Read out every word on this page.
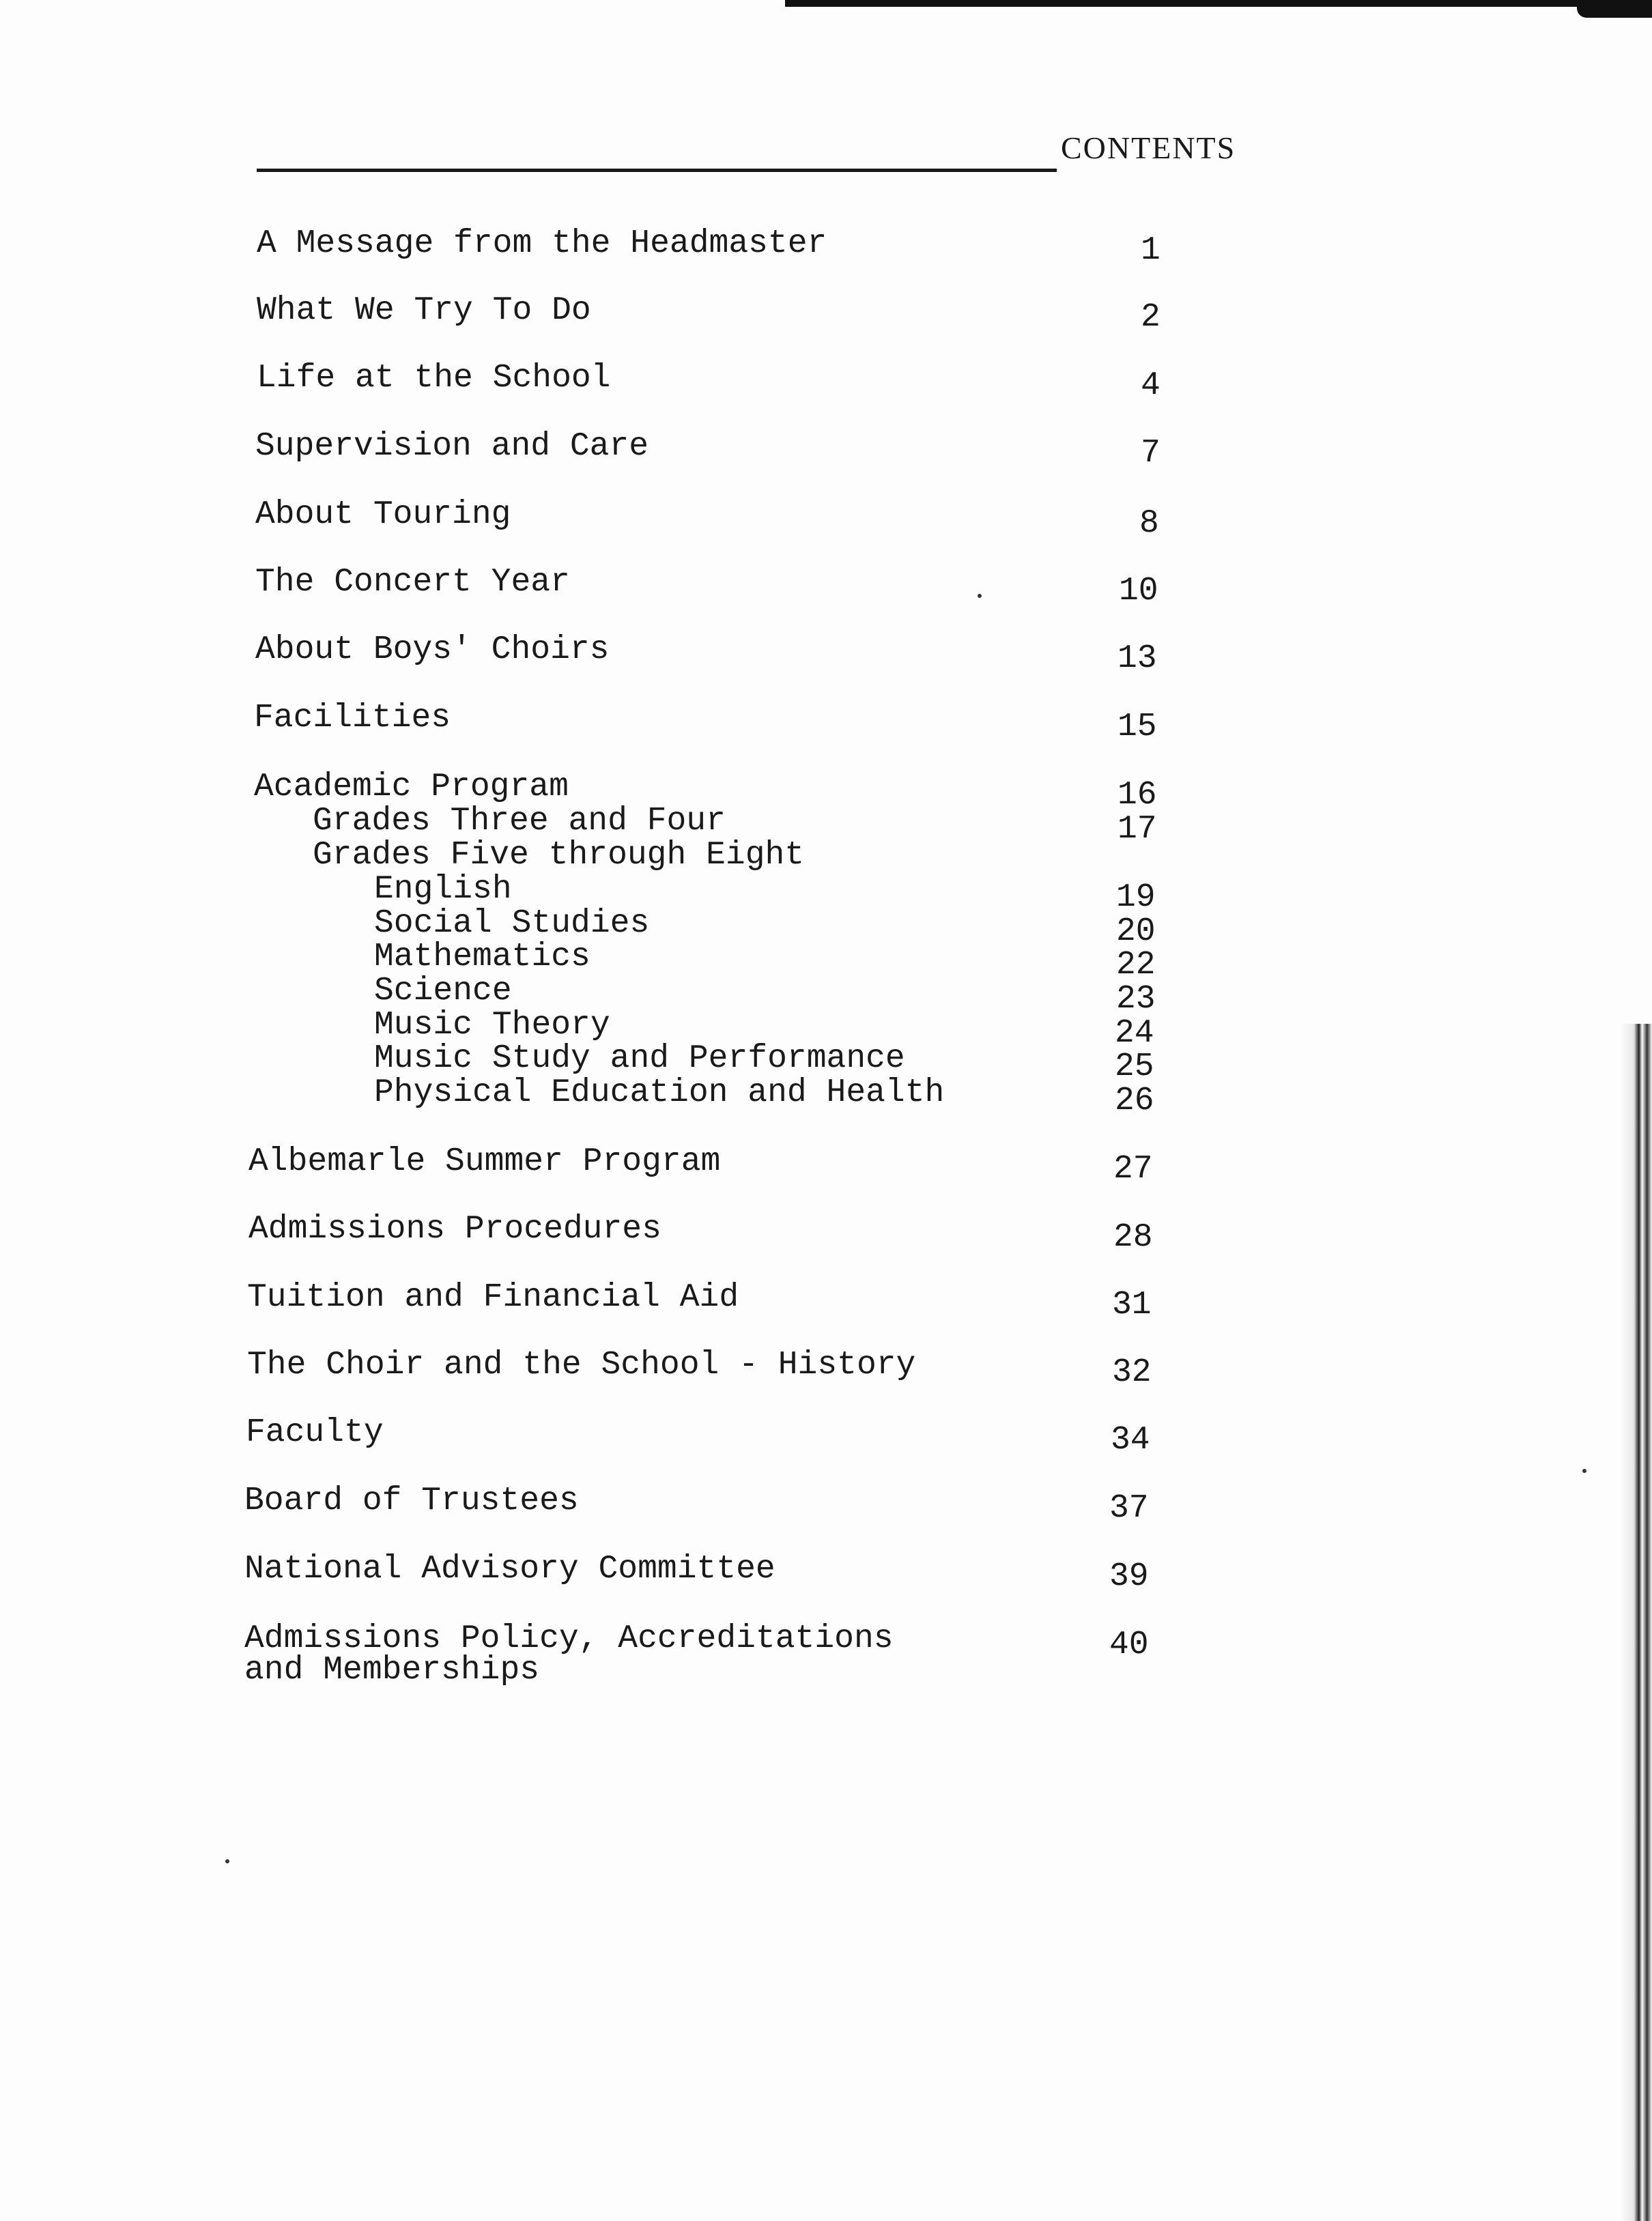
CONTENTS
A Message from the Headmaster	1
What We Try To Do	2
Life at the School	4
Supervision and Care	7
About Touring	8
The Concert Year	10
About Boys' Choirs	13
Facilities	15
Academic Program	16
Grades Three and Four	17
Grades Five through Eight
English	19
Social Studies	20
Mathematics	22
Science	23
Music Theory	24
Music Study and Performance	25
Physical Education and Health	26
Albemarle Summer Program	27
Admissions Procedures	28
Tuition and Financial Aid	31
The Choir and the School - History	32
Faculty	34
Board of Trustees	37
National Advisory Committee	39
Admissions Policy, Accreditations	40
and Memberships
